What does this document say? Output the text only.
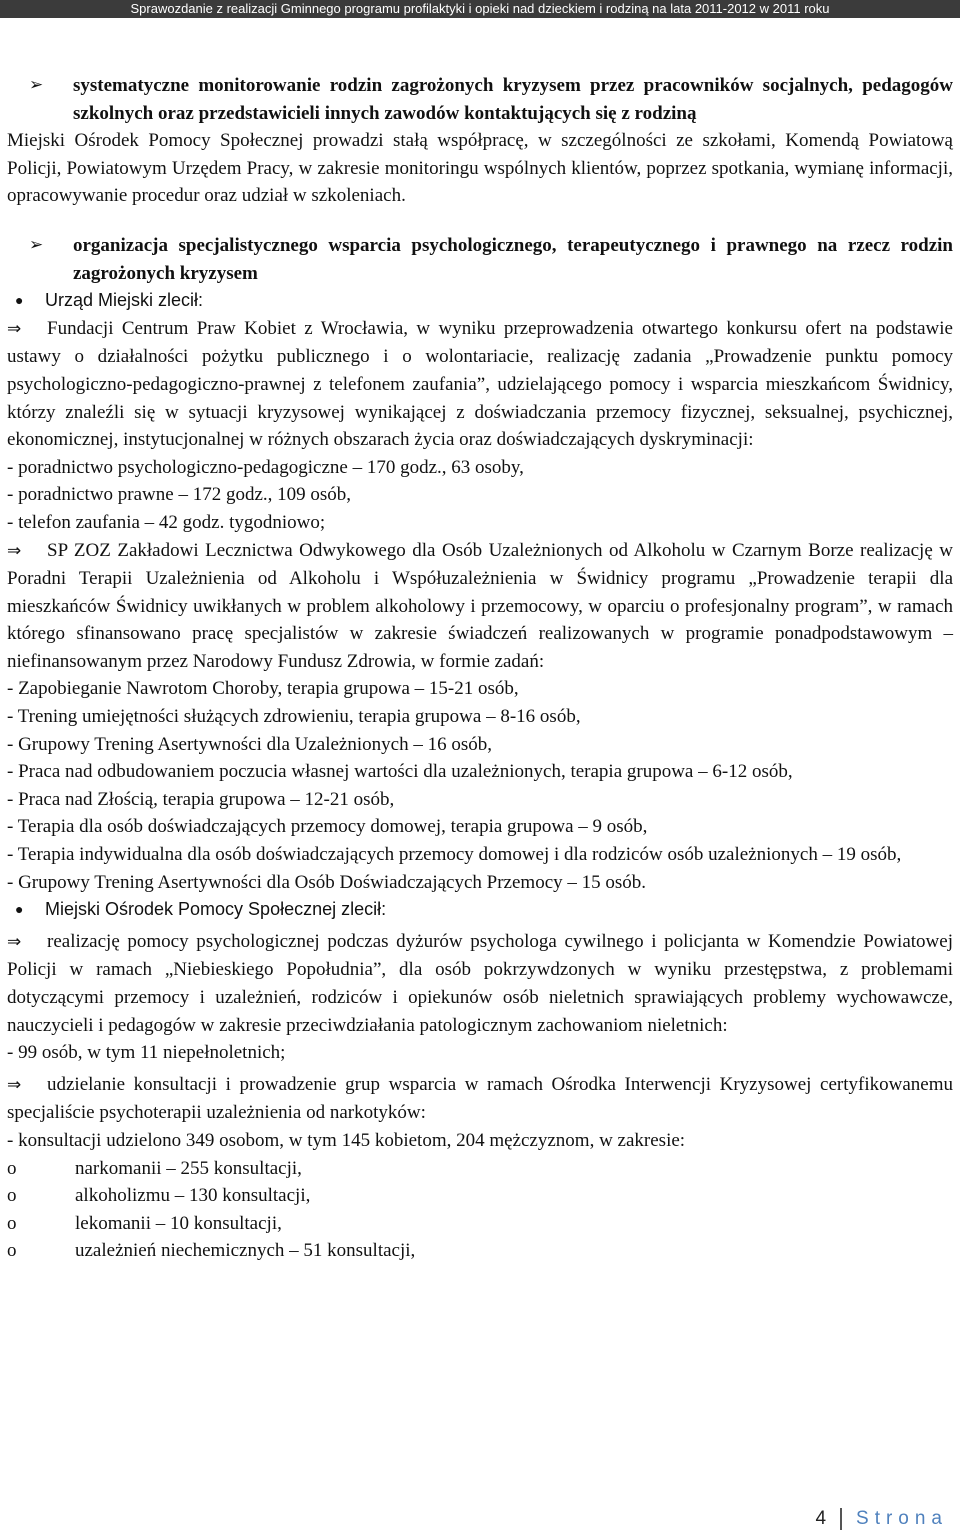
Sprawozdanie z realizacji Gminnego programu profilaktyki i opieki nad dzieckiem i rodziną na lata 2011-2012 w 2011 roku
➢	systematyczne monitorowanie rodzin zagrożonych kryzysem przez pracowników socjalnych, pedagogów szkolnych oraz przedstawicieli innych zawodów kontaktujących się z rodziną

Miejski Ośrodek Pomocy Społecznej prowadzi stałą współpracę, w szczególności ze szkołami, Komendą Powiatową Policji, Powiatowym Urzędem Pracy, w zakresie monitoringu wspólnych klientów, poprzez spotkania, wymianę informacji, opracowywanie procedur oraz udział w szkoleniach.

➢	organizacja specjalistycznego wsparcia psychologicznego, terapeutycznego i prawnego na rzecz rodzin zagrożonych kryzysem
●	Urząd Miejski zlecił:

⇒ Fundacji Centrum Praw Kobiet z Wrocławia, w wyniku przeprowadzenia otwartego konkursu ofert na podstawie ustawy o działalności pożytku publicznego i o wolontariacie, realizację zadania „Prowadzenie punktu pomocy psychologiczno-pedagogiczno-prawnej z telefonem zaufania”, udzielającego pomocy i wsparcia mieszkańcom Świdnicy, którzy znaleźli się w sytuacji kryzysowej wynikającej z doświadczania przemocy fizycznej, seksualnej, psychicznej, ekonomicznej, instytucjonalnej w różnych obszarach życia oraz doświadczających dyskryminacji:

- poradnictwo psychologiczno-pedagogiczne – 170 godz., 63 osoby,

- poradnictwo prawne – 172 godz., 109 osób,

- telefon zaufania – 42 godz. tygodniowo;

⇒ SP ZOZ Zakładowi Lecznictwa Odwykowego dla Osób Uzależnionych od Alkoholu w Czarnym Borze realizację w Poradni Terapii Uzależnienia od Alkoholu i Współuzależnienia w Świdnicy programu „Prowadzenie terapii dla mieszkańców Świdnicy uwikłanych w problem alkoholowy i przemocowy, w oparciu o profesjonalny program”, w ramach którego sfinansowano pracę specjalistów w zakresie świadczeń realizowanych w programie ponadpodstawowym – niefinansowanym przez Narodowy Fundusz Zdrowia, w formie zadań:

- Zapobieganie Nawrotom Choroby, terapia grupowa – 15-21 osób,

- Trening umiejętności służących zdrowieniu, terapia grupowa – 8-16 osób,

- Grupowy Trening Asertywności dla Uzależnionych – 16 osób,

- Praca nad odbudowaniem poczucia własnej wartości dla uzależnionych, terapia grupowa – 6-12 osób,

- Praca nad Złością, terapia grupowa – 12-21 osób,

- Terapia dla osób doświadczających przemocy domowej, terapia grupowa – 9 osób,

- Terapia indywidualna dla osób doświadczających przemocy domowej i dla rodziców osób uzależnionych – 19 osób,

- Grupowy Trening Asertywności dla Osób Doświadczających Przemocy – 15 osób.

●	Miejski Ośrodek Pomocy Społecznej zlecił:

⇒ realizację pomocy psychologicznej podczas dyżurów psychologa cywilnego i policjanta w Komendzie Powiatowej Policji w ramach „Niebieskiego Popołudnia”, dla osób pokrzywdzonych w wyniku przestępstwa, z problemami dotyczącymi przemocy i uzależnień, rodziców i opiekunów osób nieletnich sprawiających problemy wychowawcze, nauczycieli i pedagogów w zakresie przeciwdziałania patologicznym zachowaniom nieletnich:

- 99 osób, w tym 11 niepełnoletnich;

⇒ udzielanie konsultacji i prowadzenie grup wsparcia w ramach Ośrodka Interwencji Kryzysowej certyfikowanemu specjaliście psychoterapii uzależnienia od narkotyków:

- konsultacji udzielono 349 osobom, w tym 145 kobietom, 204 mężczyznom, w zakresie:

o	narkomanii – 255 konsultacji,
o	alkoholizmu – 130 konsultacji,
o	lekomanii – 10 konsultacji,
o	uzależnień niechemicznych – 51 konsultacji,
4 Strona
